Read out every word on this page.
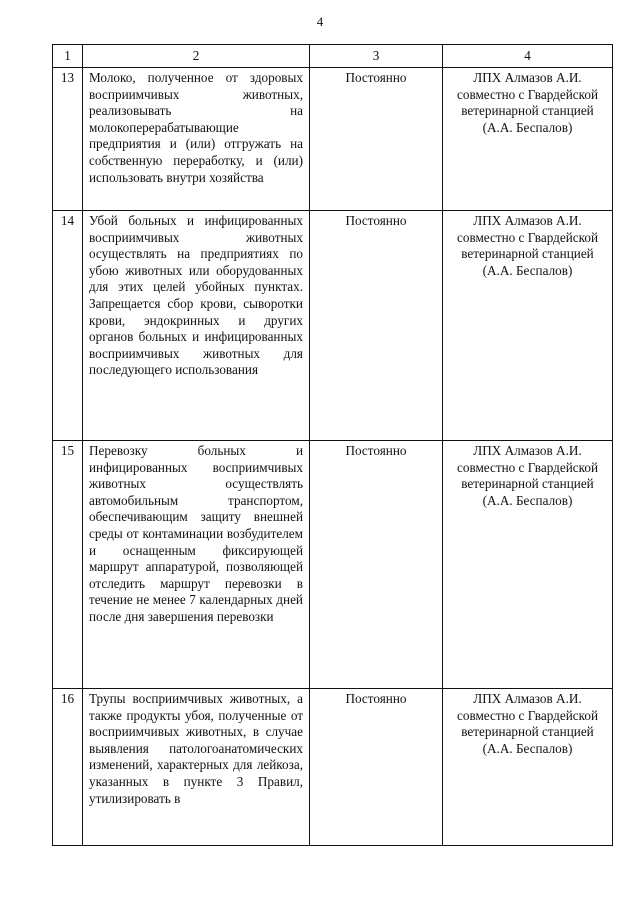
4
1	2	3	4
13	Молоко, полученное от здоровых восприимчивых животных, реализовывать на молокоперерабатывающие предприятия и (или) отгружать на собственную переработку, и (или) использовать внутри хозяйства	Постоянно	ЛПХ Алмазов А.И. совместно с Гвардейской ветеринарной станцией (А.А. Беспалов)
14	Убой больных и инфицированных восприимчивых животных осуществлять на предприятиях по убою животных или оборудованных для этих целей убойных пунктах. Запрещается сбор крови, сыворотки крови, эндокринных и других органов больных и инфицированных восприимчивых животных для последующего использования	Постоянно	ЛПХ Алмазов А.И. совместно с Гвардейской ветеринарной станцией (А.А. Беспалов)
15	Перевозку больных и инфицированных восприимчивых животных осуществлять автомобильным транспортом, обеспечивающим защиту внешней среды от контаминации возбудителем и оснащенным фиксирующей маршрут аппаратурой, позволяющей отследить маршрут перевозки в течение не менее 7 календарных дней после дня завершения перевозки	Постоянно	ЛПХ Алмазов А.И. совместно с Гвардейской ветеринарной станцией (А.А. Беспалов)
16	Трупы восприимчивых животных, а также продукты убоя, полученные от восприимчивых животных, в случае выявления патологоанатомических изменений, характерных для лейкоза, указанных в пункте 3 Правил, утилизировать в	Постоянно	ЛПХ Алмазов А.И. совместно с Гвардейской ветеринарной станцией (А.А. Беспалов)
